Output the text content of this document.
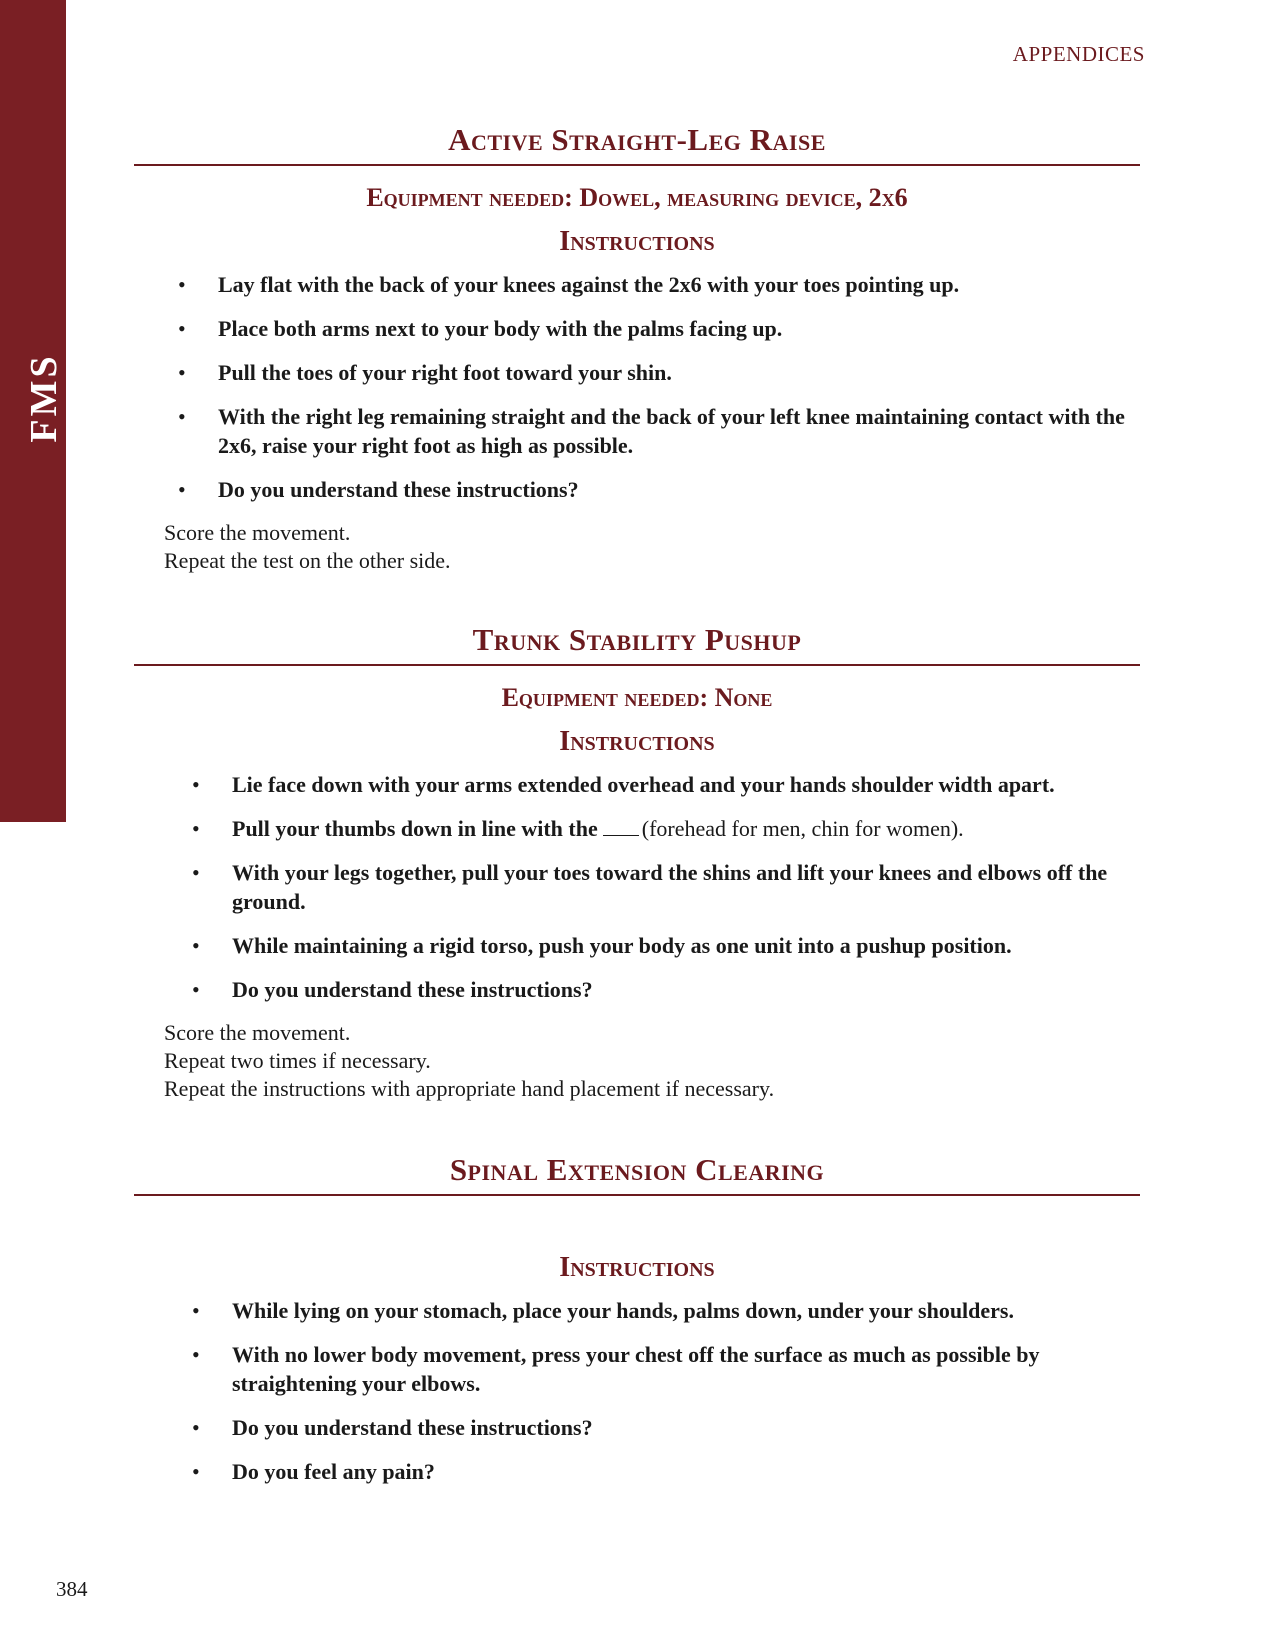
FMS
APPENDICES
Active Straight-Leg Raise
Equipment needed: Dowel, measuring device, 2x6
Instructions
• Lay flat with the back of your knees against the 2x6 with your toes pointing up.
• Place both arms next to your body with the palms facing up.
• Pull the toes of your right foot toward your shin.
• With the right leg remaining straight and the back of your left knee maintaining contact with the 2x6, raise your right foot as high as possible.
• Do you understand these instructions?
Score the movement.
Repeat the test on the other side.
Trunk Stability Pushup
Equipment needed: None
Instructions
• Lie face down with your arms extended overhead and your hands shoulder width apart.
• Pull your thumbs down in line with the (forehead for men, chin for women).
• With your legs together, pull your toes toward the shins and lift your knees and elbows off the ground.
• While maintaining a rigid torso, push your body as one unit into a pushup position.
• Do you understand these instructions?
Score the movement.
Repeat two times if necessary.
Repeat the instructions with appropriate hand placement if necessary.
Spinal Extension Clearing
Instructions
• While lying on your stomach, place your hands, palms down, under your shoulders.
• With no lower body movement, press your chest off the surface as much as possible by straightening your elbows.
• Do you understand these instructions?
• Do you feel any pain?
384
